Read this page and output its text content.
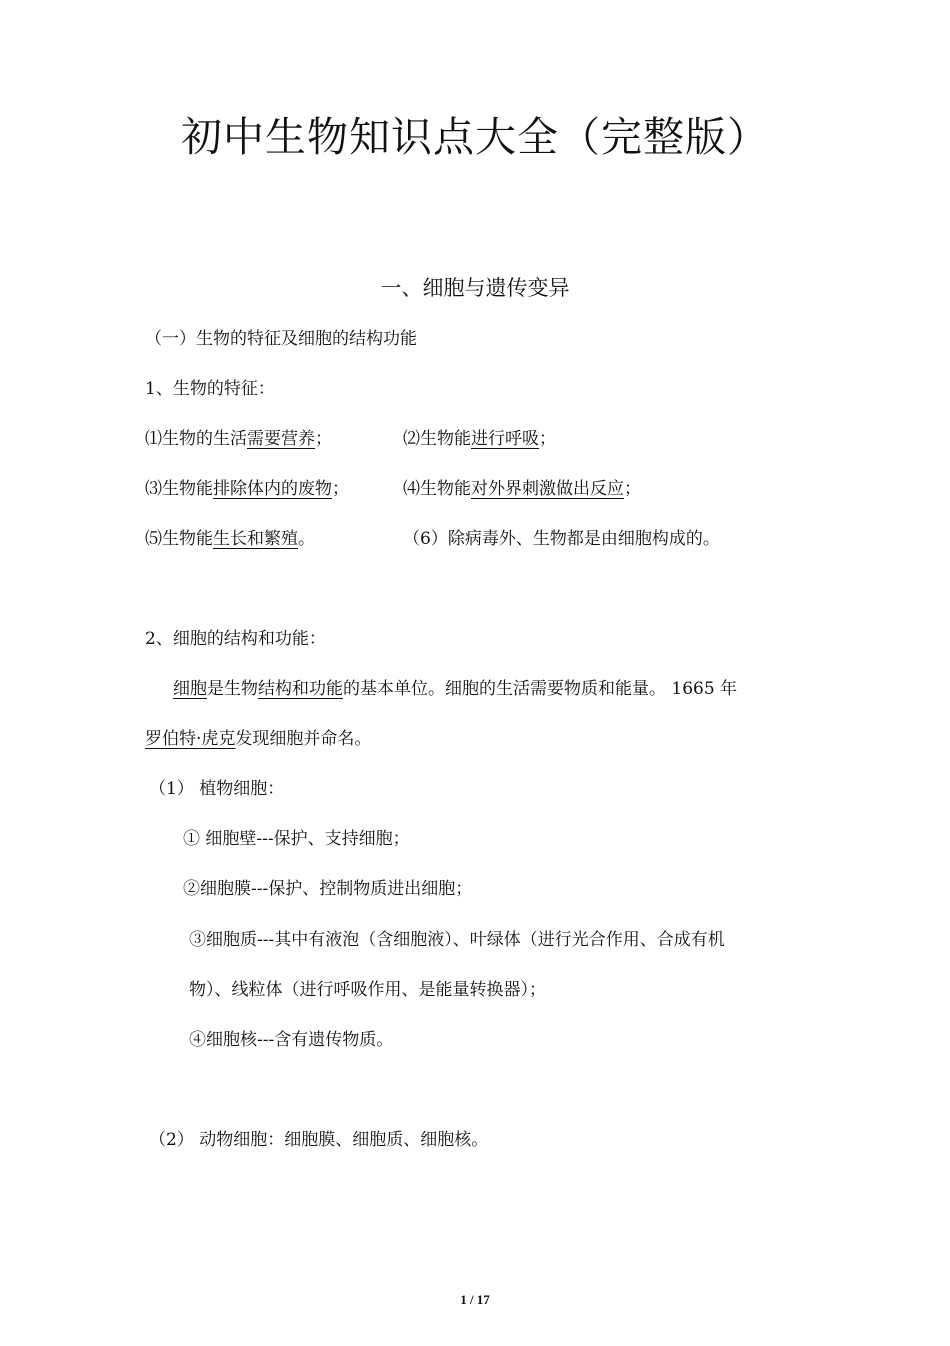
初中生物知识点大全（完整版）
一、细胞与遗传变异
（一）生物的特征及细胞的结构功能
1、生物的特征：
⑴生物的生活需要营养；	⑵生物能进行呼吸；
⑶生物能排除体内的废物；	⑷生物能对外界刺激做出反应；
⑸生物能生长和繁殖。	（6）除病毒外、生物都是由细胞构成的。
2、细胞的结构和功能：
细胞是生物结构和功能的基本单位。细胞的生活需要物质和能量。 1665 年
罗伯特·虎克发现细胞并命名。
（1） 植物细胞：
① 细胞壁---保护、支持细胞；
②细胞膜---保护、控制物质进出细胞；
③细胞质---其中有液泡（含细胞液）、叶绿体（进行光合作用、合成有机
物）、线粒体（进行呼吸作用、是能量转换器）；
④细胞核---含有遗传物质。
（2） 动物细胞：细胞膜、细胞质、细胞核。
1 / 17
